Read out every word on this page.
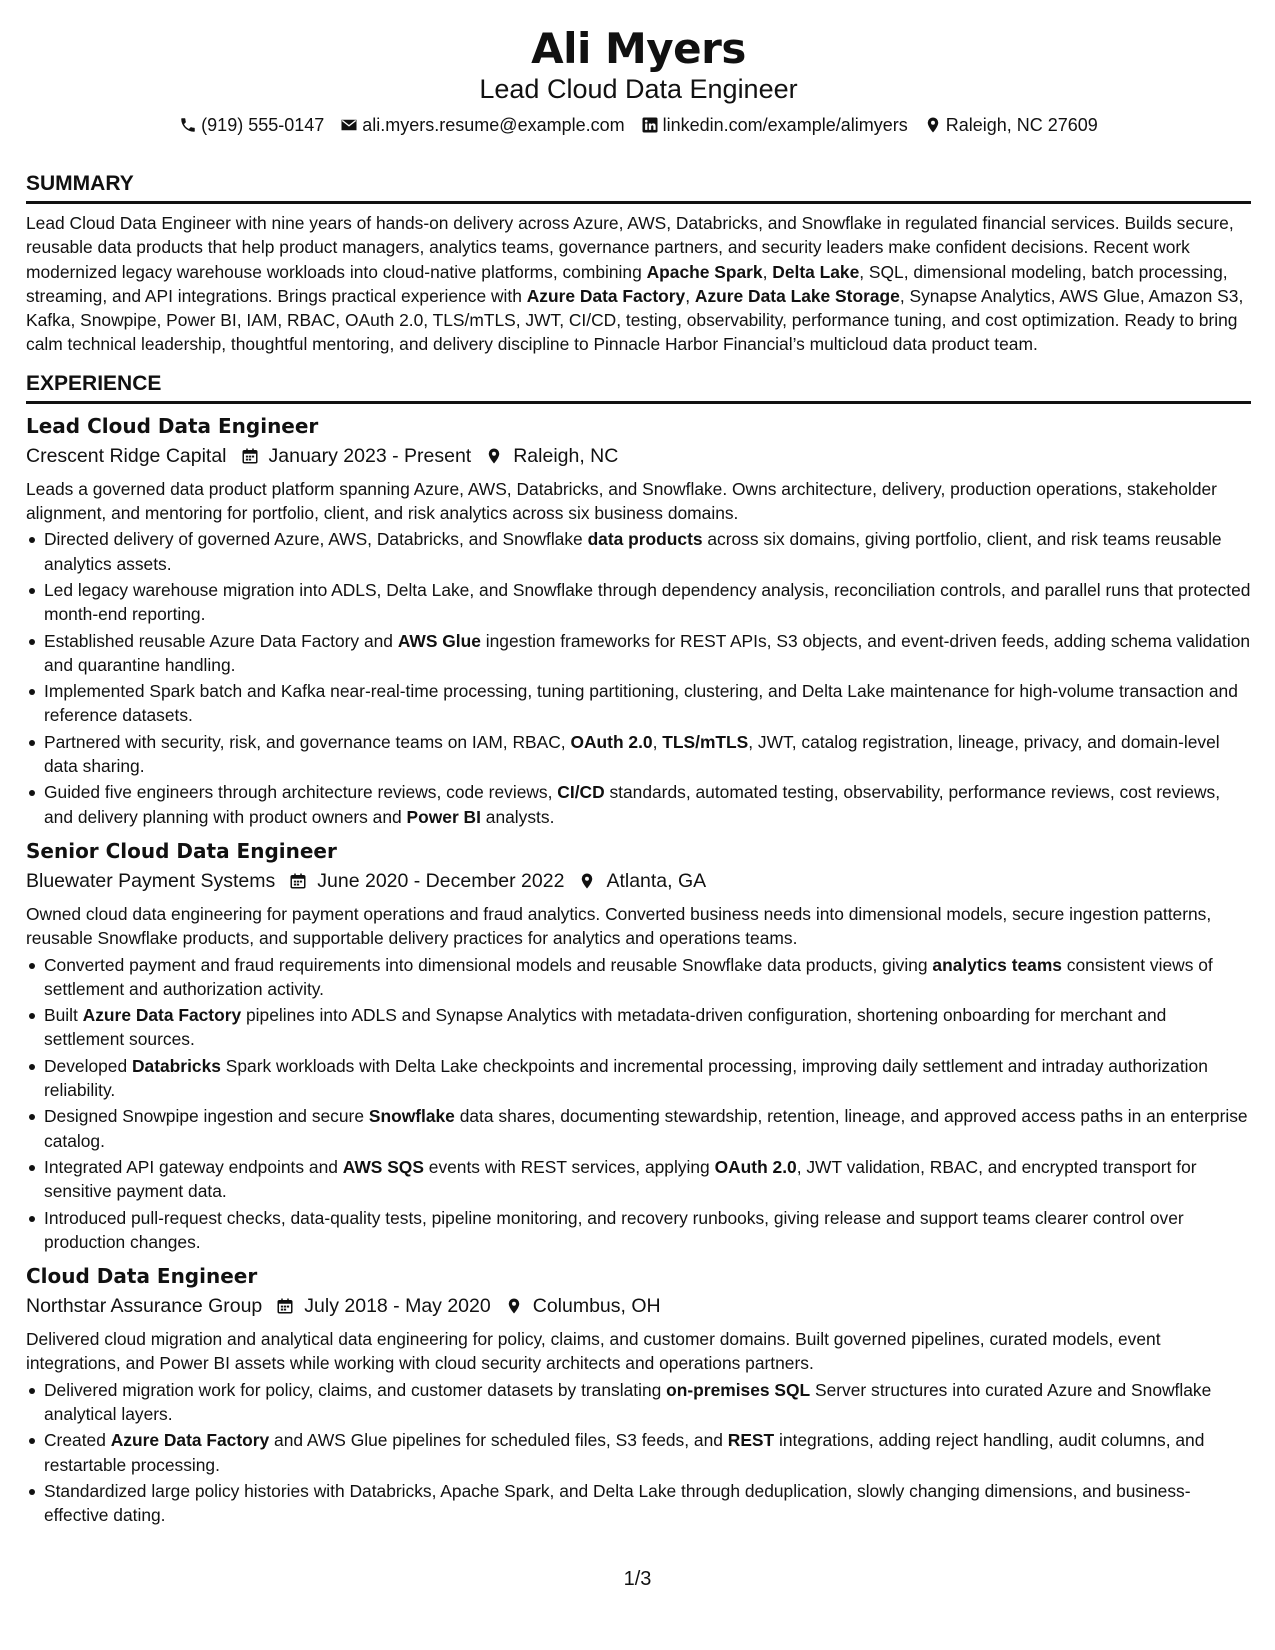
Ali Myers
Lead Cloud Data Engineer
(919) 555-0147 ali.myers.resume@example.com linkedin.com/example/alimyers Raleigh, NC 27609
SUMMARY
Lead Cloud Data Engineer with nine years of hands-on delivery across Azure, AWS, Databricks, and Snowflake in regulated financial services. Builds secure, reusable data products that help product managers, analytics teams, governance partners, and security leaders make confident decisions. Recent work modernized legacy warehouse workloads into cloud-native platforms, combining Apache Spark, Delta Lake, SQL, dimensional modeling, batch processing, streaming, and API integrations. Brings practical experience with Azure Data Factory, Azure Data Lake Storage, Synapse Analytics, AWS Glue, Amazon S3, Kafka, Snowpipe, Power BI, IAM, RBAC, OAuth 2.0, TLS/mTLS, JWT, CI/CD, testing, observability, performance tuning, and cost optimization. Ready to bring calm technical leadership, thoughtful mentoring, and delivery discipline to Pinnacle Harbor Financial’s multicloud data product team.
EXPERIENCE
Lead Cloud Data Engineer
Crescent Ridge Capital January 2023 - Present Raleigh, NC
Leads a governed data product platform spanning Azure, AWS, Databricks, and Snowflake. Owns architecture, delivery, production operations, stakeholder alignment, and mentoring for portfolio, client, and risk analytics across six business domains.
Directed delivery of governed Azure, AWS, Databricks, and Snowflake data products across six domains, giving portfolio, client, and risk teams reusable analytics assets.
Led legacy warehouse migration into ADLS, Delta Lake, and Snowflake through dependency analysis, reconciliation controls, and parallel runs that protected month-end reporting.
Established reusable Azure Data Factory and AWS Glue ingestion frameworks for REST APIs, S3 objects, and event-driven feeds, adding schema validation and quarantine handling.
Implemented Spark batch and Kafka near-real-time processing, tuning partitioning, clustering, and Delta Lake maintenance for high-volume transaction and reference datasets.
Partnered with security, risk, and governance teams on IAM, RBAC, OAuth 2.0, TLS/mTLS, JWT, catalog registration, lineage, privacy, and domain-level data sharing.
Guided five engineers through architecture reviews, code reviews, CI/CD standards, automated testing, observability, performance reviews, cost reviews, and delivery planning with product owners and Power BI analysts.
Senior Cloud Data Engineer
Bluewater Payment Systems June 2020 - December 2022 Atlanta, GA
Owned cloud data engineering for payment operations and fraud analytics. Converted business needs into dimensional models, secure ingestion patterns, reusable Snowflake products, and supportable delivery practices for analytics and operations teams.
Converted payment and fraud requirements into dimensional models and reusable Snowflake data products, giving analytics teams consistent views of settlement and authorization activity.
Built Azure Data Factory pipelines into ADLS and Synapse Analytics with metadata-driven configuration, shortening onboarding for merchant and settlement sources.
Developed Databricks Spark workloads with Delta Lake checkpoints and incremental processing, improving daily settlement and intraday authorization reliability.
Designed Snowpipe ingestion and secure Snowflake data shares, documenting stewardship, retention, lineage, and approved access paths in an enterprise catalog.
Integrated API gateway endpoints and AWS SQS events with REST services, applying OAuth 2.0, JWT validation, RBAC, and encrypted transport for sensitive payment data.
Introduced pull-request checks, data-quality tests, pipeline monitoring, and recovery runbooks, giving release and support teams clearer control over production changes.
Cloud Data Engineer
Northstar Assurance Group July 2018 - May 2020 Columbus, OH
Delivered cloud migration and analytical data engineering for policy, claims, and customer domains. Built governed pipelines, curated models, event integrations, and Power BI assets while working with cloud security architects and operations partners.
Delivered migration work for policy, claims, and customer datasets by translating on-premises SQL Server structures into curated Azure and Snowflake analytical layers.
Created Azure Data Factory and AWS Glue pipelines for scheduled files, S3 feeds, and REST integrations, adding reject handling, audit columns, and restartable processing.
Standardized large policy histories with Databricks, Apache Spark, and Delta Lake through deduplication, slowly changing dimensions, and business-effective dating.
1/3
